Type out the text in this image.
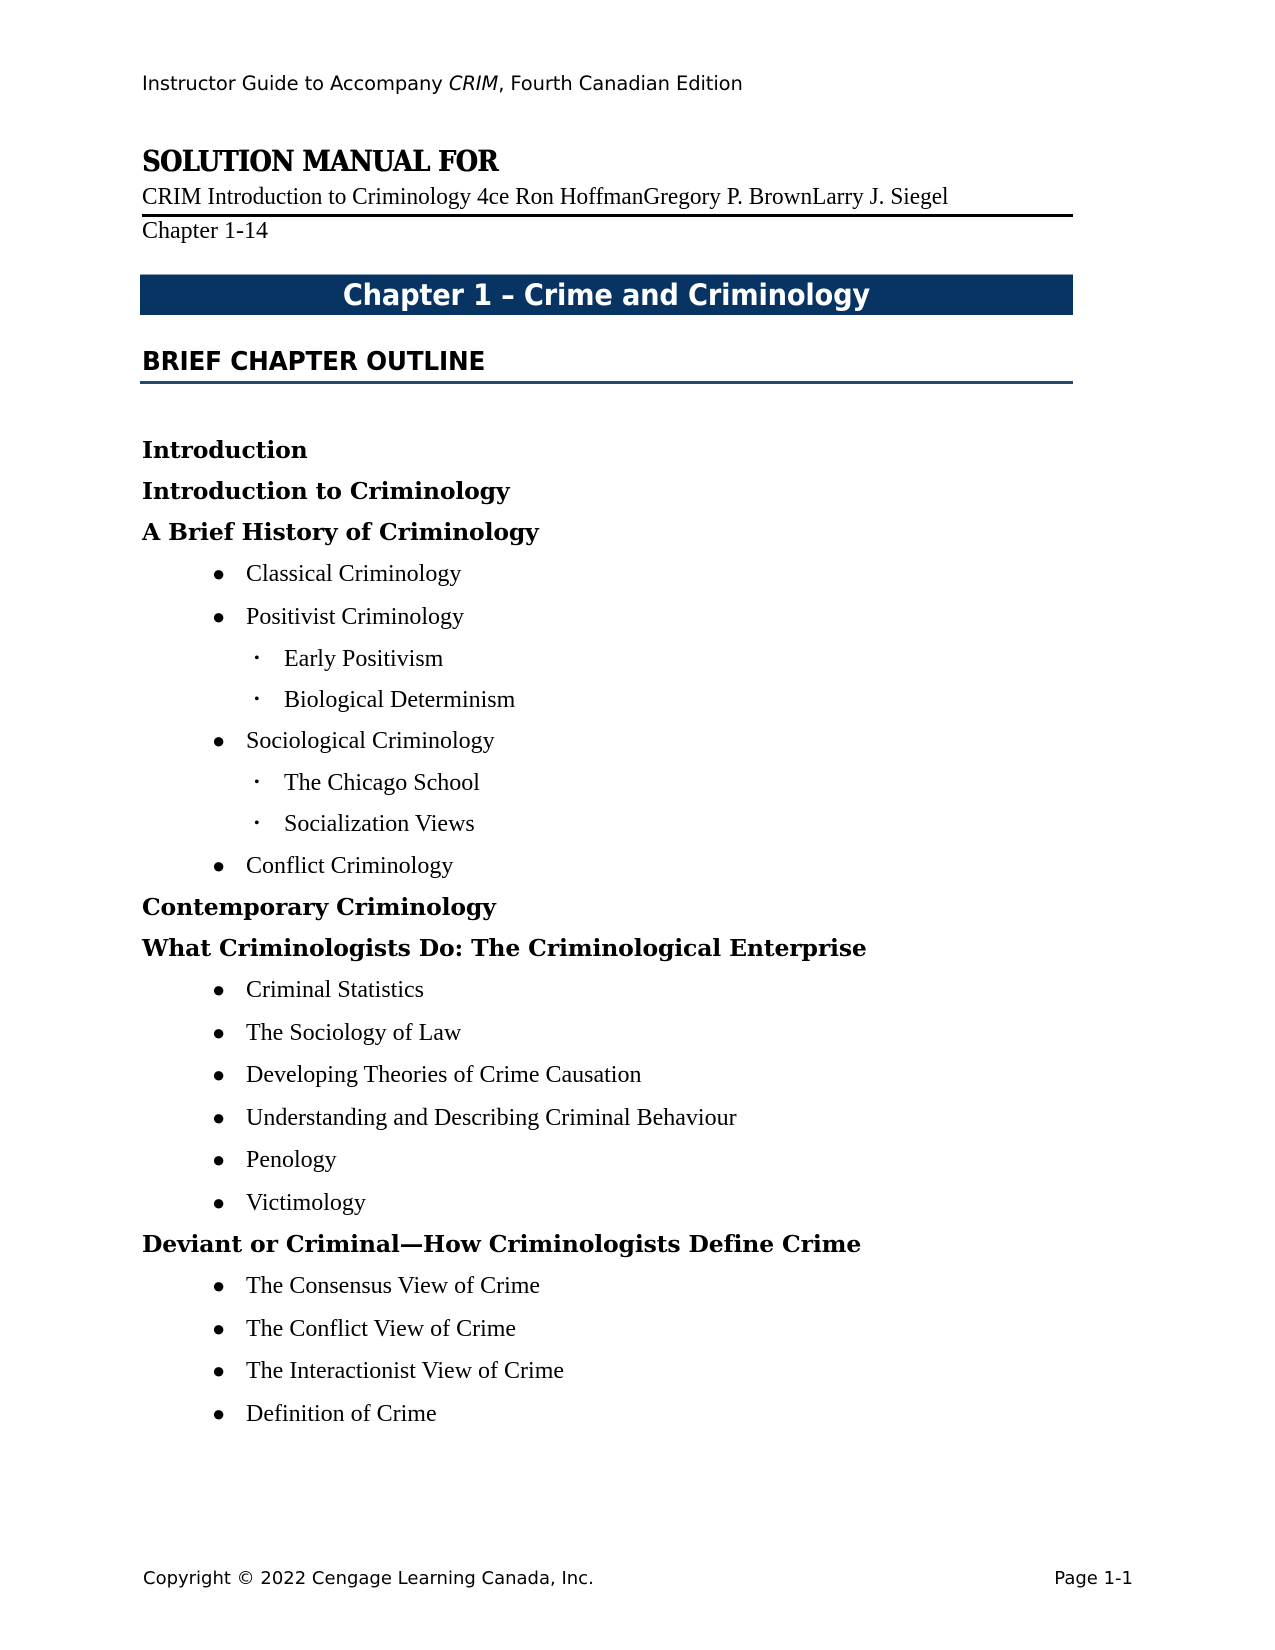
Instructor Guide to Accompany CRIM, Fourth Canadian Edition
SOLUTION MANUAL FOR
CRIM Introduction to Criminology 4ce Ron HoffmanGregory P. BrownLarry J. Siegel
Chapter 1-14
Chapter 1 – Crime and Criminology
BRIEF CHAPTER OUTLINE
Introduction
Introduction to Criminology
A Brief History of Criminology
● Classical Criminology
● Positivist Criminology
•	Early Positivism
•	Biological Determinism
● Sociological Criminology
•	The Chicago School
•	Socialization Views
● Conflict Criminology
Contemporary Criminology
What Criminologists Do: The Criminological Enterprise
● Criminal Statistics
● The Sociology of Law
● Developing Theories of Crime Causation
● Understanding and Describing Criminal Behaviour
● Penology
● Victimology
Deviant or Criminal—How Criminologists Define Crime
● The Consensus View of Crime
● The Conflict View of Crime
● The Interactionist View of Crime
● Definition of Crime
Copyright © 2022 Cengage Learning Canada, Inc.	Page 1-1
